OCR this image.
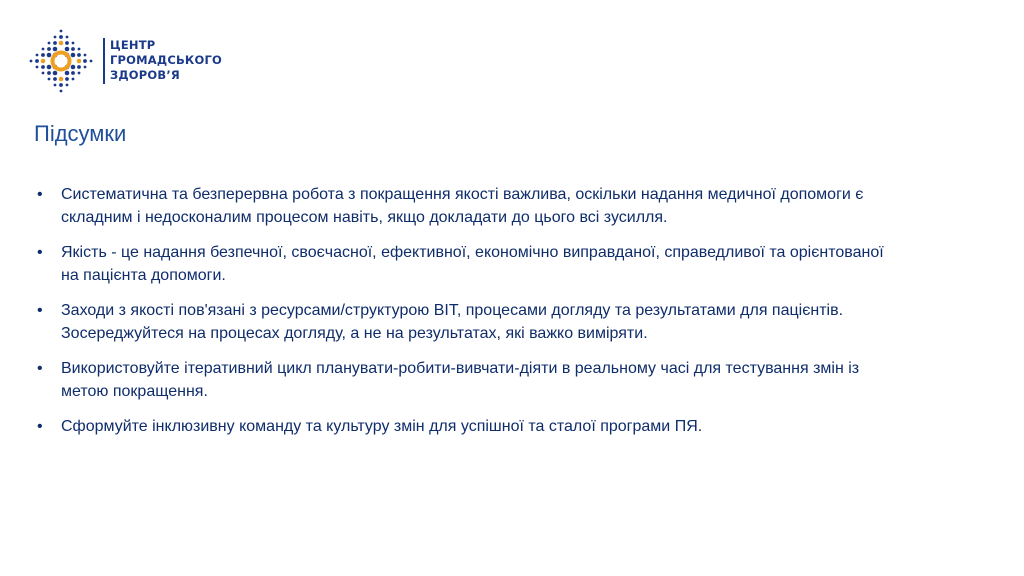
ЦЕНТР
ГРОМАДСЬКОГО
ЗДОРОВ’Я
Підсумки
• Систематична та безперервна робота з покращення якості важлива, оскільки надання медичної допомоги є складним і недосконалим процесом навіть, якщо докладати до цього всі зусилля.
• Якість - це надання безпечної, своєчасної, ефективної, економічно виправданої, справедливої та орієнтованої на пацієнта допомоги.
• Заходи з якості пов'язані з ресурсами/структурою ВІТ, процесами догляду та результатами для пацієнтів. Зосереджуйтеся на процесах догляду, а не на результатах, які важко виміряти.
• Використовуйте ітеративний цикл планувати-робити-вивчати-діяти в реальному часі для тестування змін із метою покращення.
• Сформуйте інклюзивну команду та культуру змін для успішної та сталої програми ПЯ.
